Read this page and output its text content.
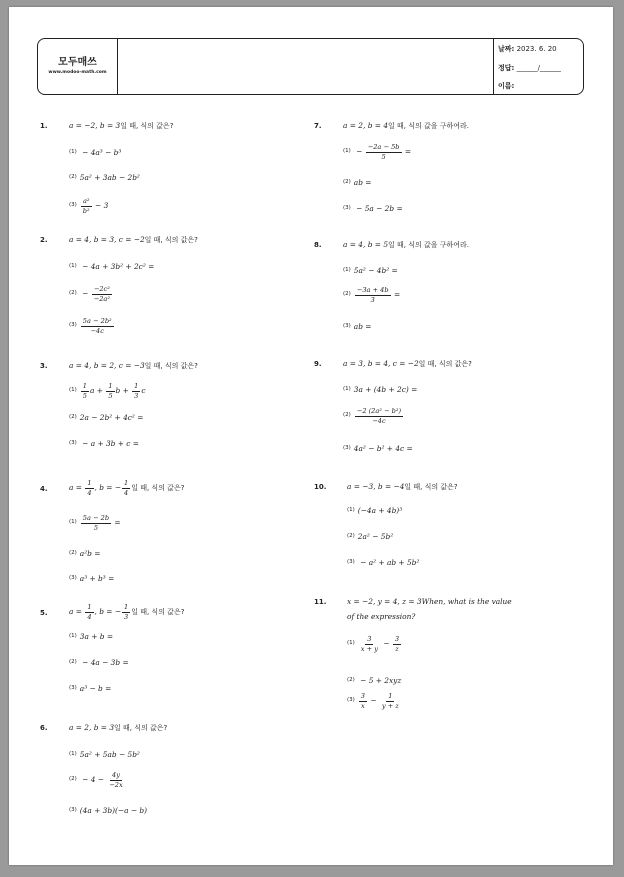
모두매쓰
www.modoo-math.com
날짜: 2023. 6. 20
정답: ______/______
이름:
1.	a = −2, b = 3일 때, 식의 값은?
(1) − 4a³ − b³
(2) 5a² + 3ab − 2b²
$(3) \frac{\text{a²}}{\text{b²}} - 3$
2.	a = 4, b = 3, c = −2일 때, 식의 값은?
(1) − 4a + 3b² + 2c² =
$(2) - \frac{\text{−2c²}}{\text{−2a²}}$
$(3) \frac{\text{5a − 2b²}}{-4c}$
3.	a = 4, b = 2, c = −3일 때, 식의 값은?
$(1) \frac{1}{5}$ $a + \frac{1}{5}$ $b + \frac{1}{3}$ c
(2) 2a − 2b² + 4c² =
(3) − a + 3b + c =
4.	$a = \frac{1}{4}$ , b = − $\frac{1}{4}$ 일 때, 식의 값은?
$(1) \frac{5a - 2b}{5}$ =
(2) a²b =
(3) a³ + b³ =
5.	$a = \frac{1}{4}$ , b = − $\frac{1}{3}$ 일 때, 식의 값은?
(1) 3a + b =
(2) − 4a − 3b =
(3) a³ − b =
6.	a = 2, b = 3일 때, 식의 값은?
(1) 5a² + 5ab − 5b²
$(2) - 4 - \frac{4y}{-2x}$
(3) (4a + 3b)(−a − b)
7.	a = 2, b = 4일 때, 식의 값을 구하여라.
$(1) - \frac{-2a - 5b}{5}$ =
(2) ab =
(3) − 5a − 2b =
8.	a = 4, b = 5일 때, 식의 값을 구하여라.
(1) 5a² − 4b² =
$(2) \frac{-3a + 4b}{3}$ =
(3) ab =
9.	a = 3, b = 4, c = −2일 때, 식의 값은?
(1) 3a + (4b + 2c) =
$(2) \frac{\text{−2 (2a² − b²)}}{-4c}$
(3) 4a² − b² + 4c =
10.	a = −3, b = −4일 때, 식의 값은?
(1) (−4a + 4b)³
(2) 2a² − 5b²
(3) − a² + ab + 5b²
11.	x = −2, y = 4, z = 3When, what is the value
of the expression?
$(1) \frac{3}{x + y} - \frac{3}{z}$
(2) − 5 + 2xyz
$(3) \frac{3}{x} - \frac{1}{y + z}$
